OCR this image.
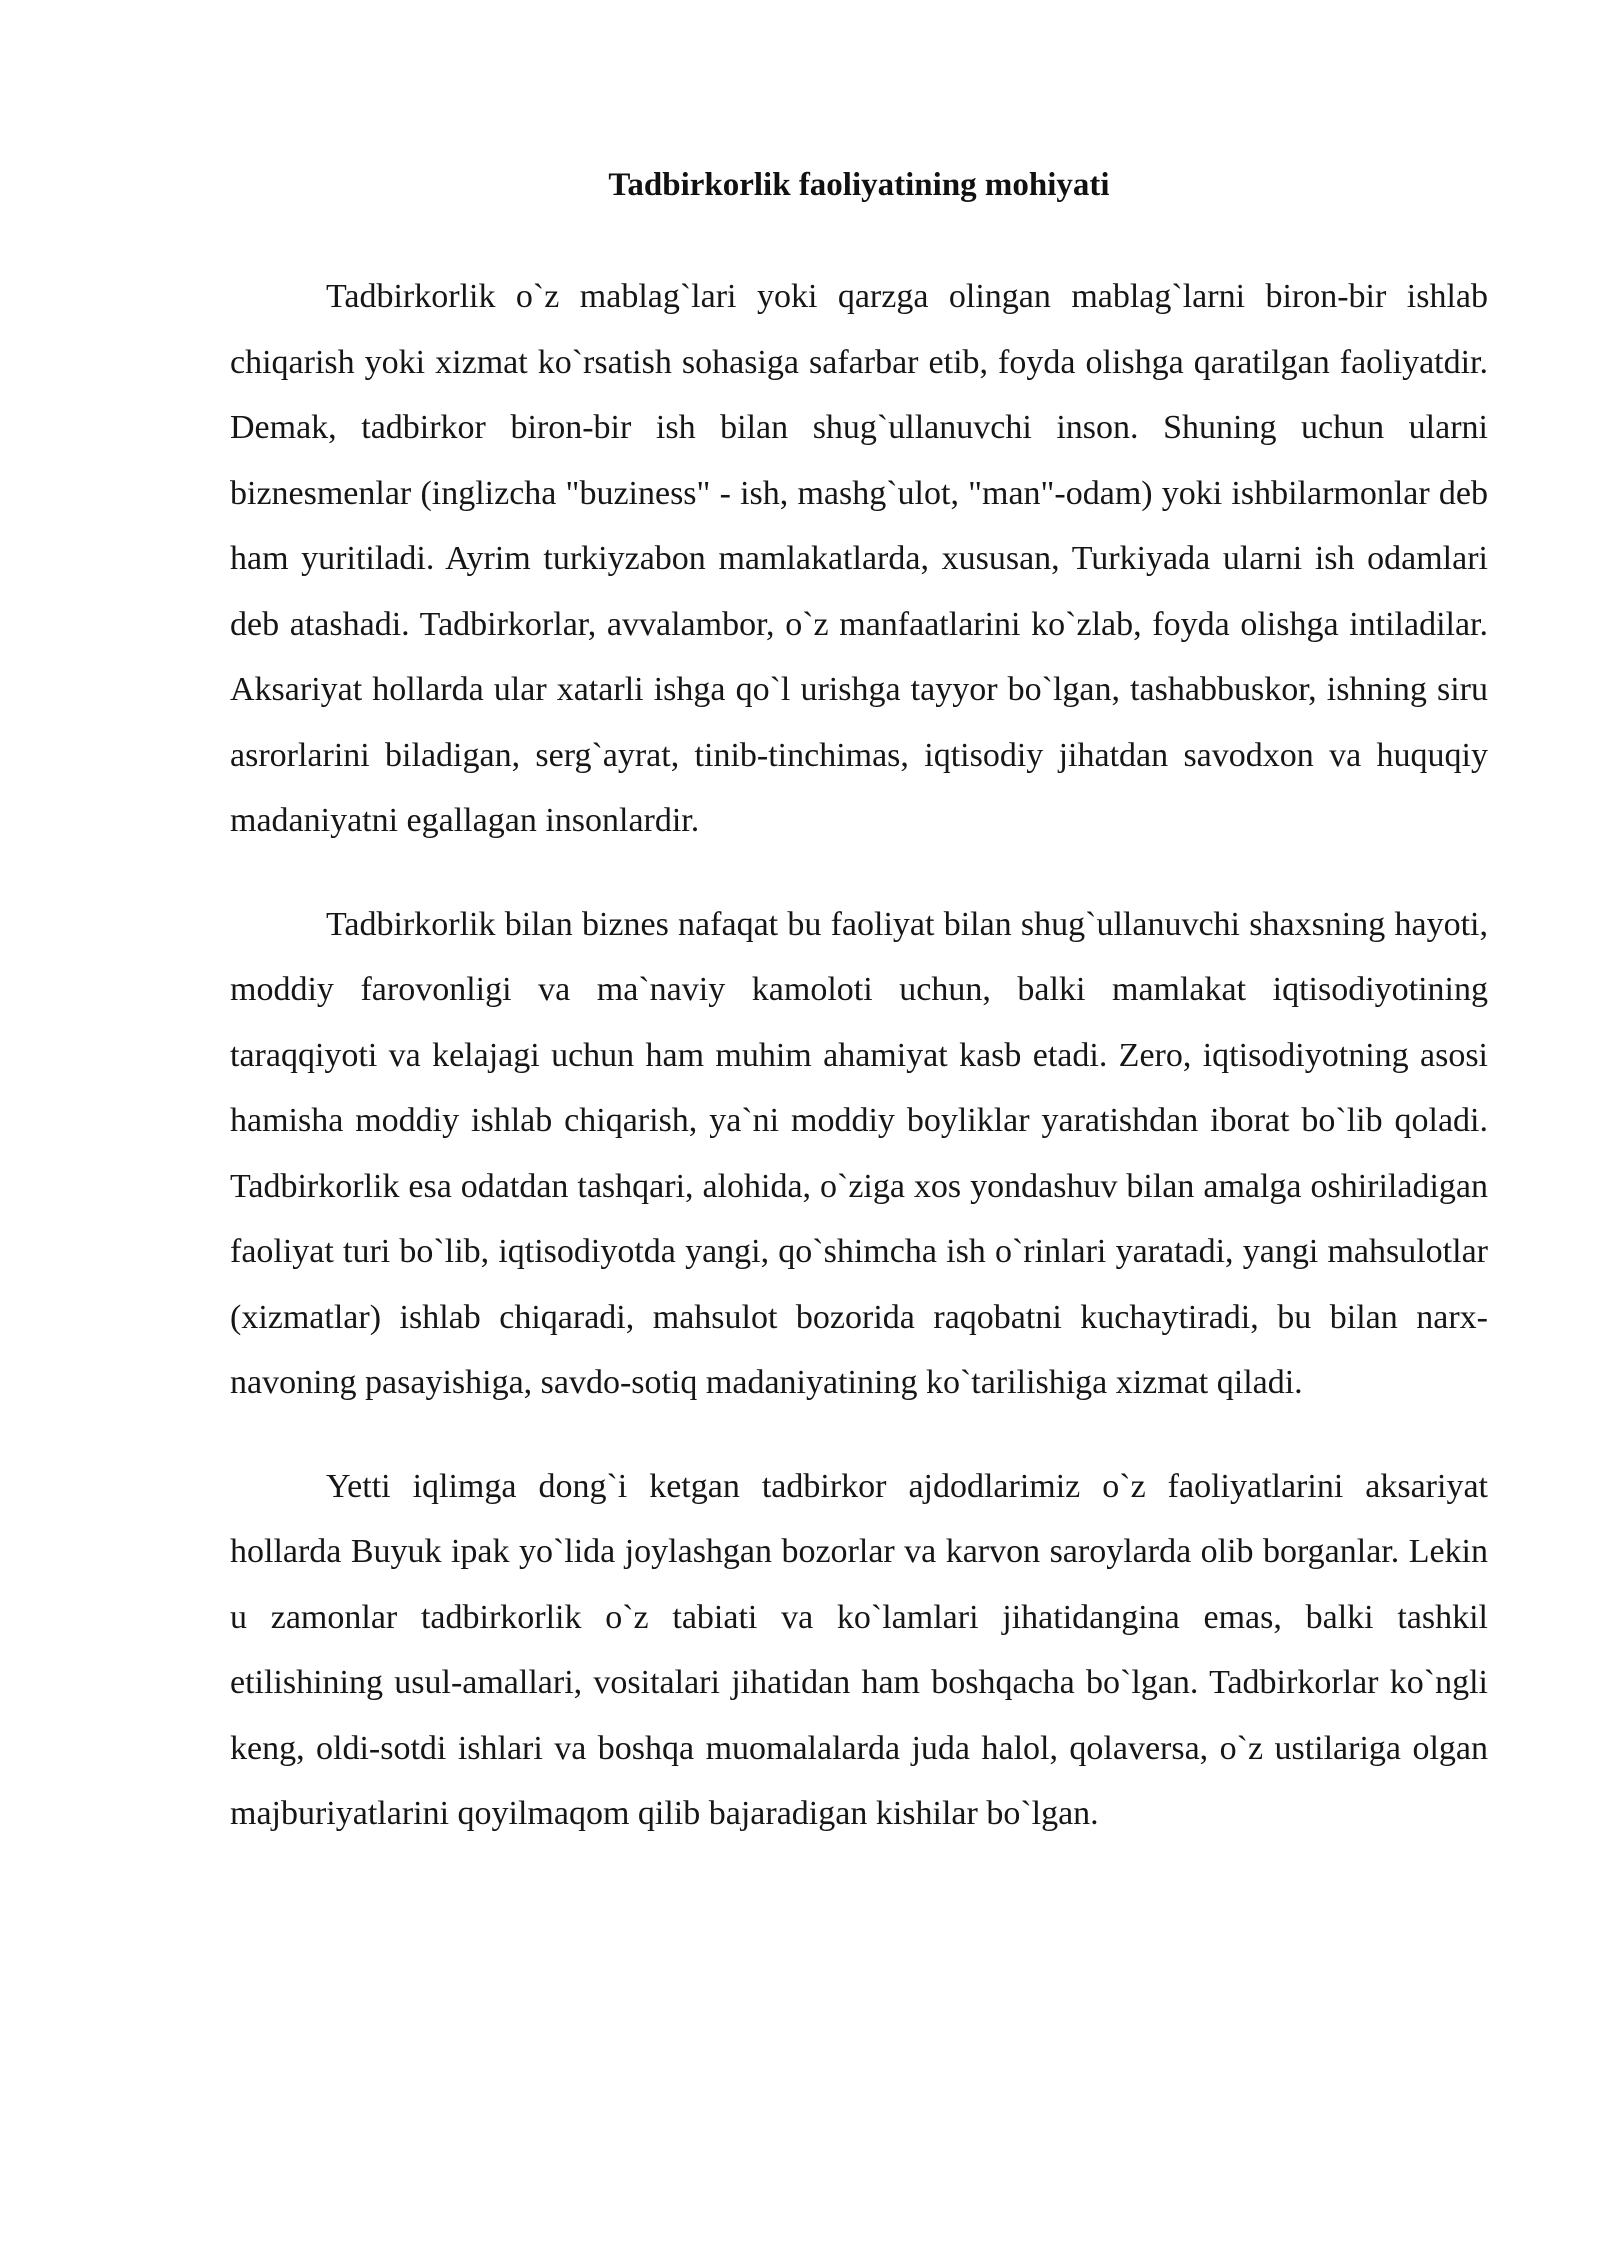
Tadbirkorlik faoliyatining mohiyati

Tadbirkorlik o`z mablag`lari yoki qarzga olingan mablag`larni biron-bir ishlab chiqarish yoki xizmat ko`rsatish sohasiga safarbar etib, foyda olishga qaratilgan faoliyatdir. Demak, tadbirkor biron-bir ish bilan shug`ullanuvchi inson. Shuning uchun ularni biznesmenlar (inglizcha "buziness" - ish, mashg`ulot, "man"-odam) yoki ishbilarmonlar deb ham yuritiladi. Ayrim turkiyzabon mamlakatlarda, xususan, Turkiyada ularni ish odamlari deb atashadi. Tadbirkorlar, avvalambor, o`z manfaatlarini ko`zlab, foyda olishga intiladilar. Aksariyat hollarda ular xatarli ishga qo`l urishga tayyor bo`lgan, tashabbuskor, ishning siru asrorlarini biladigan, serg`ayrat, tinib-tinchimas, iqtisodiy jihatdan savodxon va huquqiy madaniyatni egallagan insonlardir.

Tadbirkorlik bilan biznes nafaqat bu faoliyat bilan shug`ullanuvchi shaxsning hayoti, moddiy farovonligi va ma`naviy kamoloti uchun, balki mamlakat iqtisodiyotining taraqqiyoti va kelajagi uchun ham muhim ahamiyat kasb etadi. Zero, iqtisodiyotning asosi hamisha moddiy ishlab chiqarish, ya`ni moddiy boyliklar yaratishdan iborat bo`lib qoladi. Tadbirkorlik esa odatdan tashqari, alohida, o`ziga xos yondashuv bilan amalga oshiriladigan faoliyat turi bo`lib, iqtisodiyotda yangi, qo`shimcha ish o`rinlari yaratadi, yangi mahsulotlar (xizmatlar) ishlab chiqaradi, mahsulot bozorida raqobatni kuchaytiradi, bu bilan narx-navoning pasayishiga, savdo-sotiq madaniyatining ko`tarilishiga xizmat qiladi.

Yetti iqlimga dong`i ketgan tadbirkor ajdodlarimiz o`z faoliyatlarini aksariyat hollarda Buyuk ipak yo`lida joylashgan bozorlar va karvon saroylarda olib borganlar. Lekin u zamonlar tadbirkorlik o`z tabiati va ko`lamlari jihatidangina emas, balki tashkil etilishining usul-amallari, vositalari jihatidan ham boshqacha bo`lgan. Tadbirkorlar ko`ngli keng, oldi-sotdi ishlari va boshqa muomalalarda juda halol, qolaversa, o`z ustilariga olgan majburiyatlarini qoyilmaqom qilib bajaradigan kishilar bo`lgan.
